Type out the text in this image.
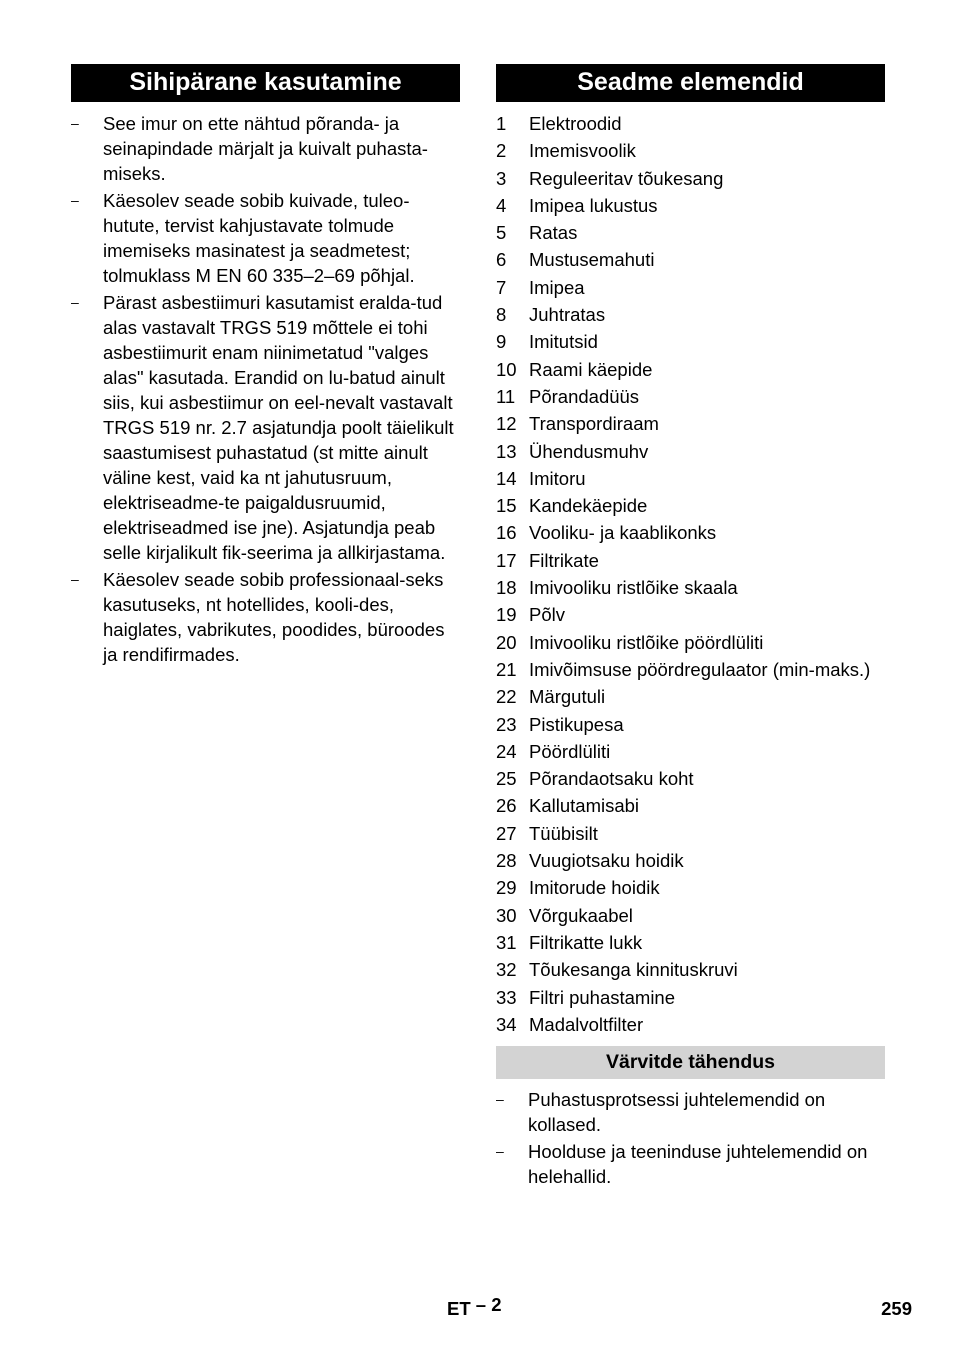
Sihipärane kasutamine
– See imur on ette nähtud põranda- ja seinapindade märjalt ja kuivalt puhasta-miseks.
– Käesolev seade sobib kuivade, tuleo-hutute, tervist kahjustavate tolmude imemiseks masinatest ja seadmetest; tolmuklass M EN 60 335–2–69 põhjal.
– Pärast asbestiimuri kasutamist eralda-tud alas vastavalt TRGS 519 mõttele ei tohi asbestiimurit enam niinimetatud "valges alas" kasutada. Erandid on lu-batud ainult siis, kui asbestiimur on eel-nevalt vastavalt TRGS 519 nr. 2.7 asjatundja poolt täielikult saastumisest puhastatud (st mitte ainult väline kest, vaid ka nt jahutusruum, elektriseadme-te paigaldusruumid, elektriseadmed ise jne). Asjatundja peab selle kirjalikult fik-seerima ja allkirjastama.
– Käesolev seade sobib professionaal-seks kasutuseks, nt hotellides, kooli-des, haiglates, vabrikutes, poodides, büroodes ja rendifirmades.
Seadme elemendid
1 Elektroodid
2 Imemisvoolik
3 Reguleeritav tõukesang
4 Imipea lukustus
5 Ratas
6 Mustusemahuti
7 Imipea
8 Juhtratas
9 Imitutsid
10 Raami käepide
11 Põrandadüüs
12 Transpordiraam
13 Ühendusmuhv
14 Imitoru
15 Kandekäepide
16 Vooliku- ja kaablikonks
17 Filtrikate
18 Imivooliku ristlõike skaala
19 Põlv
20 Imivooliku ristlõike pöördlüliti
21 Imivõimsuse pöördregulaator (min-maks.)
22 Märgutuli
23 Pistikupesa
24 Pöördlüliti
25 Põrandaotsaku koht
26 Kallutamisabi
27 Tüübisilt
28 Vuugiotsaku hoidik
29 Imitorude hoidik
30 Võrgukaabel
31 Filtrikatte lukk
32 Tõukesanga kinnituskruvi
33 Filtri puhastamine
34 Madalvoltfilter
Värvitde tähendus
– Puhastusprotsessi juhtelemendid on kollased.
– Hoolduse ja teeninduse juhtelemendid on helehallid.
ET – 2	259
